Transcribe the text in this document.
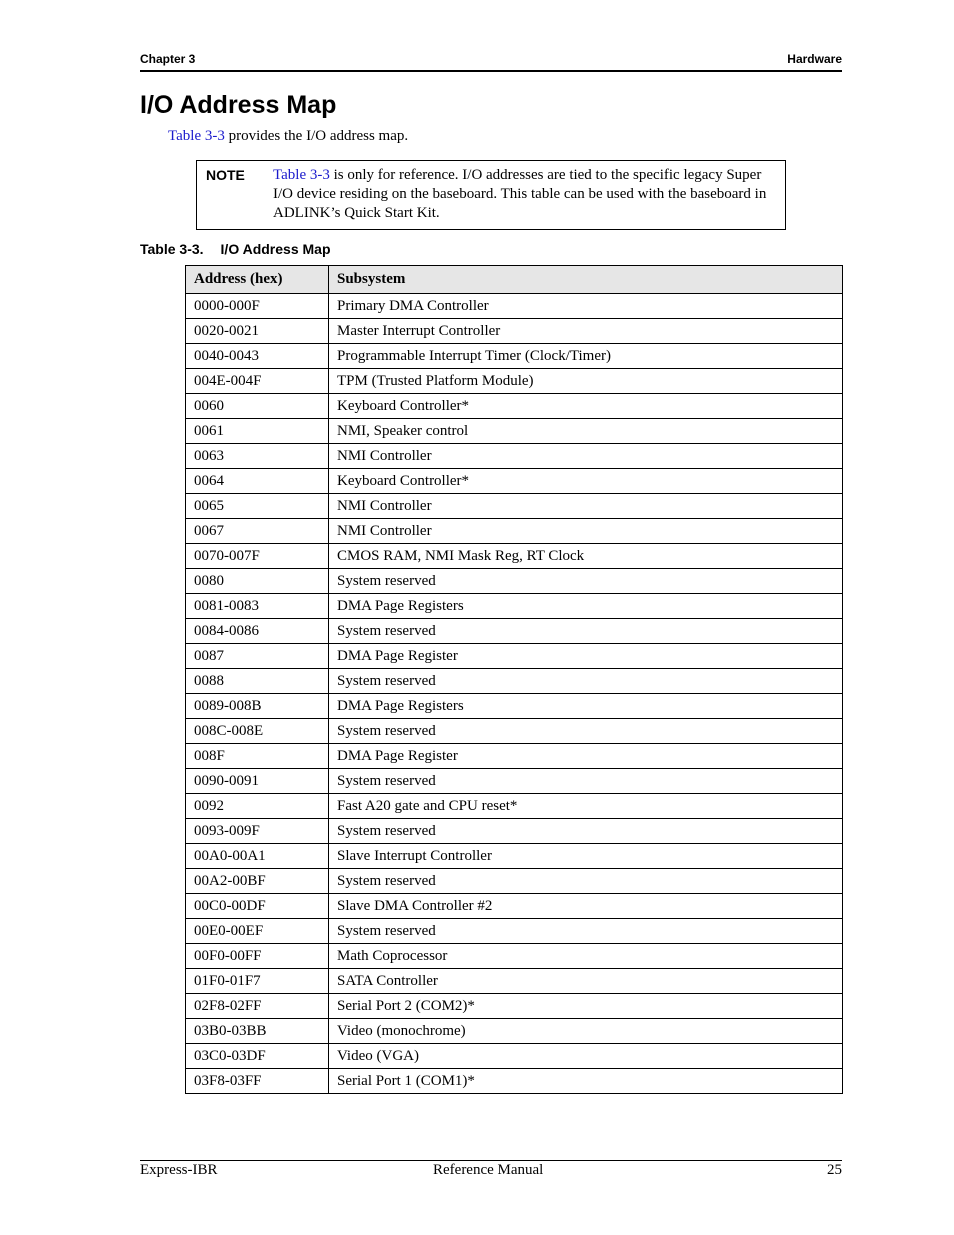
Chapter 3	Hardware
I/O Address Map
Table 3-3 provides the I/O address map.
NOTE Table 3-3 is only for reference. I/O addresses are tied to the specific legacy Super I/O device residing on the baseboard. This table can be used with the baseboard in ADLINK’s Quick Start Kit.
Table 3-3. I/O Address Map
Address (hex)	Subsystem
0000-000F	Primary DMA Controller
0020-0021	Master Interrupt Controller
0040-0043	Programmable Interrupt Timer (Clock/Timer)
004E-004F	TPM (Trusted Platform Module)
0060	Keyboard Controller*
0061	NMI, Speaker control
0063	NMI Controller
0064	Keyboard Controller*
0065	NMI Controller
0067	NMI Controller
0070-007F	CMOS RAM, NMI Mask Reg, RT Clock
0080	System reserved
0081-0083	DMA Page Registers
0084-0086	System reserved
0087	DMA Page Register
0088	System reserved
0089-008B	DMA Page Registers
008C-008E	System reserved
008F	DMA Page Register
0090-0091	System reserved
0092	Fast A20 gate and CPU reset*
0093-009F	System reserved
00A0-00A1	Slave Interrupt Controller
00A2-00BF	System reserved
00C0-00DF	Slave DMA Controller #2
00E0-00EF	System reserved
00F0-00FF	Math Coprocessor
01F0-01F7	SATA Controller
02F8-02FF	Serial Port 2 (COM2)*
03B0-03BB	Video (monochrome)
03C0-03DF	Video (VGA)
03F8-03FF	Serial Port 1 (COM1)*
Express-IBR	Reference Manual	25
